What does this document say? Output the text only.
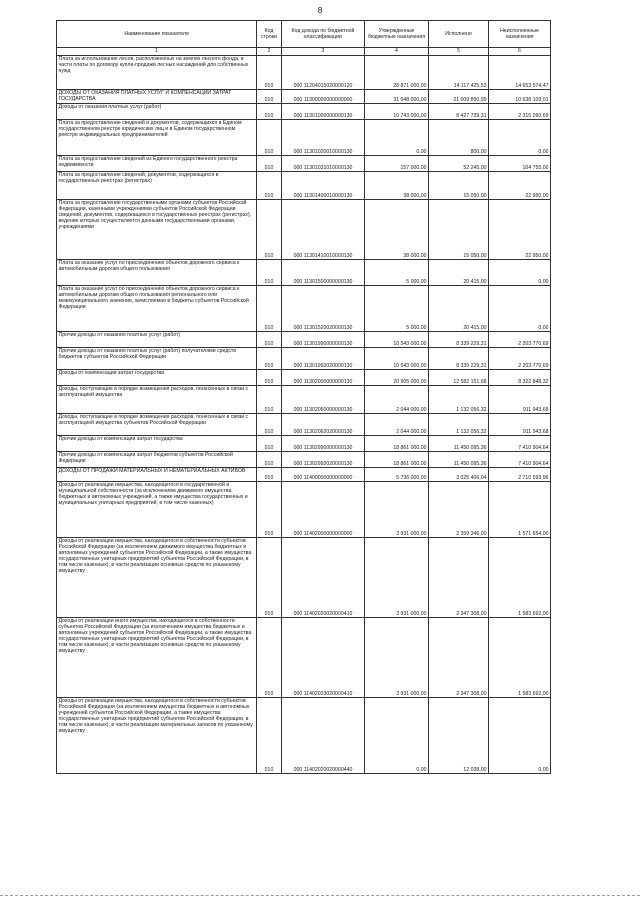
8
Наименование показателя	Код строки	Код дохода по бюджетной классификации	Утвержденные бюджетные назначения	Исполнено	Неисполненные назначения
1	2	3	4	5	6
Плата за использование лесов, расположенных на землях лесного фонда, в части платы по договору купли-продажи лесных насаждений для собственных нужд	010	000 11204015020000120	28 871 000,00	14 117 425,53	14 653 574,47
ДОХОДЫ ОТ ОКАЗАНИЯ ПЛАТНЫХ УСЛУГ И КОМПЕНСАЦИИ ЗАТРАТ ГОСУДАРСТВА	010	000 11300000000000000	31 648 000,00	21 009 890,99	10 638 109,01
Доходы от оказания платных услуг (работ)	010	000 11301000000000130	10 743 000,00	8 427 739,31	2 315 260,69
Плата за предоставление сведений и документов, содержащихся в Едином государственном реестре юридических лиц и в Едином государственном реестре индивидуальных предпринимателей	010	000 11301020010000130	0,00	800,00	0,00
Плата за предоставление сведений из Единого государственного реестра недвижимости	010	000 11301031010000130	157 000,00	52 245,00	104 755,00
Плата за предоставление сведений, документов, содержащихся в государственных реестрах (регистрах)	010	000 11301400010000130	38 000,00	15 050,00	22 950,00
Плата за предоставление государственными органами субъектов Российской Федерации, казенными учреждениями субъектов Российской Федерации сведений, документов, содержащихся в государственных реестрах (регистрах), ведение которых осуществляется данными государственными органами, учреждениями	010	000 11301410010000130	38 000,00	15 050,00	22 950,00
Плата за оказание услуг по присоединению объектов дорожного сервиса к автомобильным дорогам общего пользования	010	000 11301500000000130	5 000,00	20 415,00	0,00
Плата за оказание услуг по присоединению объектов дорожного сервиса к автомобильным дорогам общего пользования регионального или межмуниципального значения, зачисляемая в бюджеты субъектов Российской Федерации	010	000 11301520020000130	5 000,00	20 415,00	0,00
Прочие доходы от оказания платных услуг (работ)	010	000 11301990000000130	10 543 000,00	8 339 229,31	2 203 770,69
Прочие доходы от оказания платных услуг (работ) получателями средств бюджетов субъектов Российской Федерации	010	000 11301992020000130	10 543 000,00	8 339 229,31	2 203 770,69
Доходы от компенсации затрат государства	010	000 11302000000000130	20 905 000,00	12 582 151,68	8 322 848,32
Доходы, поступающие в порядке возмещения расходов, понесенных в связи с эксплуатацией имущества	010	000 11302060000000130	2 044 000,00	1 132 056,32	911 943,68
Доходы, поступающие в порядке возмещения расходов, понесенных в связи с эксплуатацией имущества субъектов Российской Федерации	010	000 11302062020000130	2 044 000,00	1 132 056,32	911 943,68
Прочие доходы от компенсации затрат государства	010	000 11302990000000130	18 861 000,00	11 450 095,36	7 410 904,64
Прочие доходы от компенсации затрат бюджетов субъектов Российской Федерации	010	000 11302992020000130	18 861 000,00	11 450 095,36	7 410 904,64
ДОХОДЫ ОТ ПРОДАЖИ МАТЕРИАЛЬНЫХ И НЕМАТЕРИАЛЬНЫХ АКТИВОВ	010	000 11400000000000000	5 736 000,00	3 025 406,04	2 710 593,96
Доходы от реализации имущества, находящегося в государственной и муниципальной собственности (за исключением движимого имущества бюджетных и автономных учреждений, а также имущества государственных и муниципальных унитарных предприятий, в том числе казенных)	010	000 11402000000000000	3 931 000,00	2 359 346,00	1 571 654,00
Доходы от реализации имущества, находящегося в собственности субъектов Российской Федерации (за исключением движимого имущества бюджетных и автономных учреждений субъектов Российской Федерации, а также имущества государственных унитарных предприятий субъектов Российской Федерации, в том числе казенных), в части реализации основных средств по указанному имуществу	010	000 11402020020000410	3 931 000,00	2 347 308,00	1 583 692,00
Доходы от реализации иного имущества, находящегося в собственности субъектов Российской Федерации (за исключением имущества бюджетных и автономных учреждений субъектов Российской Федерации, а также имущества государственных унитарных предприятий субъектов Российской Федерации, в том числе казенных), в части реализации основных средств по указанному имуществу	010	000 11402023020000410	3 931 000,00	2 347 308,00	1 583 692,00
Доходы от реализации имущества, находящегося в собственности субъектов Российской Федерации (за исключением имущества бюджетных и автономных учреждений субъектов Российской Федерации, а также имущества государственных унитарных предприятий субъектов Российской Федерации, в том числе казенных), в части реализации материальных запасов по указанному имуществу	010	000 11402020020000440	0,00	12 038,00	0,00
